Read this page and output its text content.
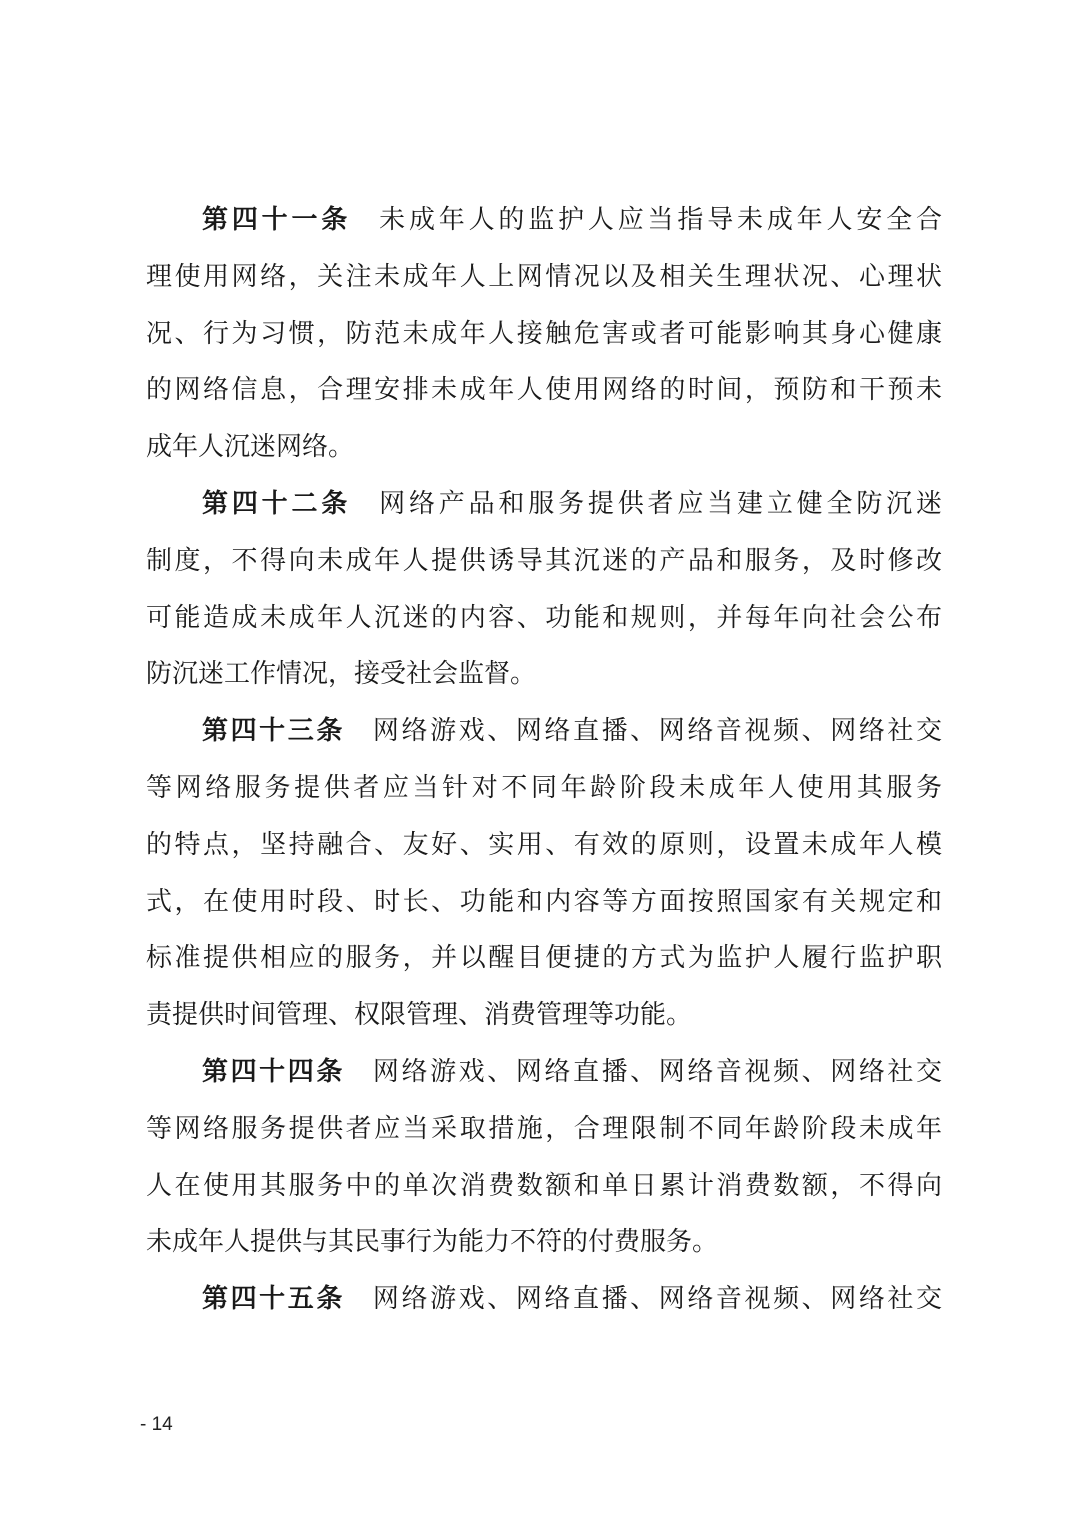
第四十一条 未成年人的监护人应当指导未成年人安全合
理使用网络，关注未成年人上网情况以及相关生理状况、心理状
况、行为习惯，防范未成年人接触危害或者可能影响其身心健康
的网络信息，合理安排未成年人使用网络的时间，预防和干预未
成年人沉迷网络。
第四十二条 网络产品和服务提供者应当建立健全防沉迷
制度，不得向未成年人提供诱导其沉迷的产品和服务，及时修改
可能造成未成年人沉迷的内容、功能和规则，并每年向社会公布
防沉迷工作情况，接受社会监督。
第四十三条 网络游戏、网络直播、网络音视频、网络社交
等网络服务提供者应当针对不同年龄阶段未成年人使用其服务
的特点，坚持融合、友好、实用、有效的原则，设置未成年人模
式，在使用时段、时长、功能和内容等方面按照国家有关规定和
标准提供相应的服务，并以醒目便捷的方式为监护人履行监护职
责提供时间管理、权限管理、消费管理等功能。
第四十四条 网络游戏、网络直播、网络音视频、网络社交
等网络服务提供者应当采取措施，合理限制不同年龄阶段未成年
人在使用其服务中的单次消费数额和单日累计消费数额，不得向
未成年人提供与其民事行为能力不符的付费服务。
第四十五条 网络游戏、网络直播、网络音视频、网络社交
- 14
